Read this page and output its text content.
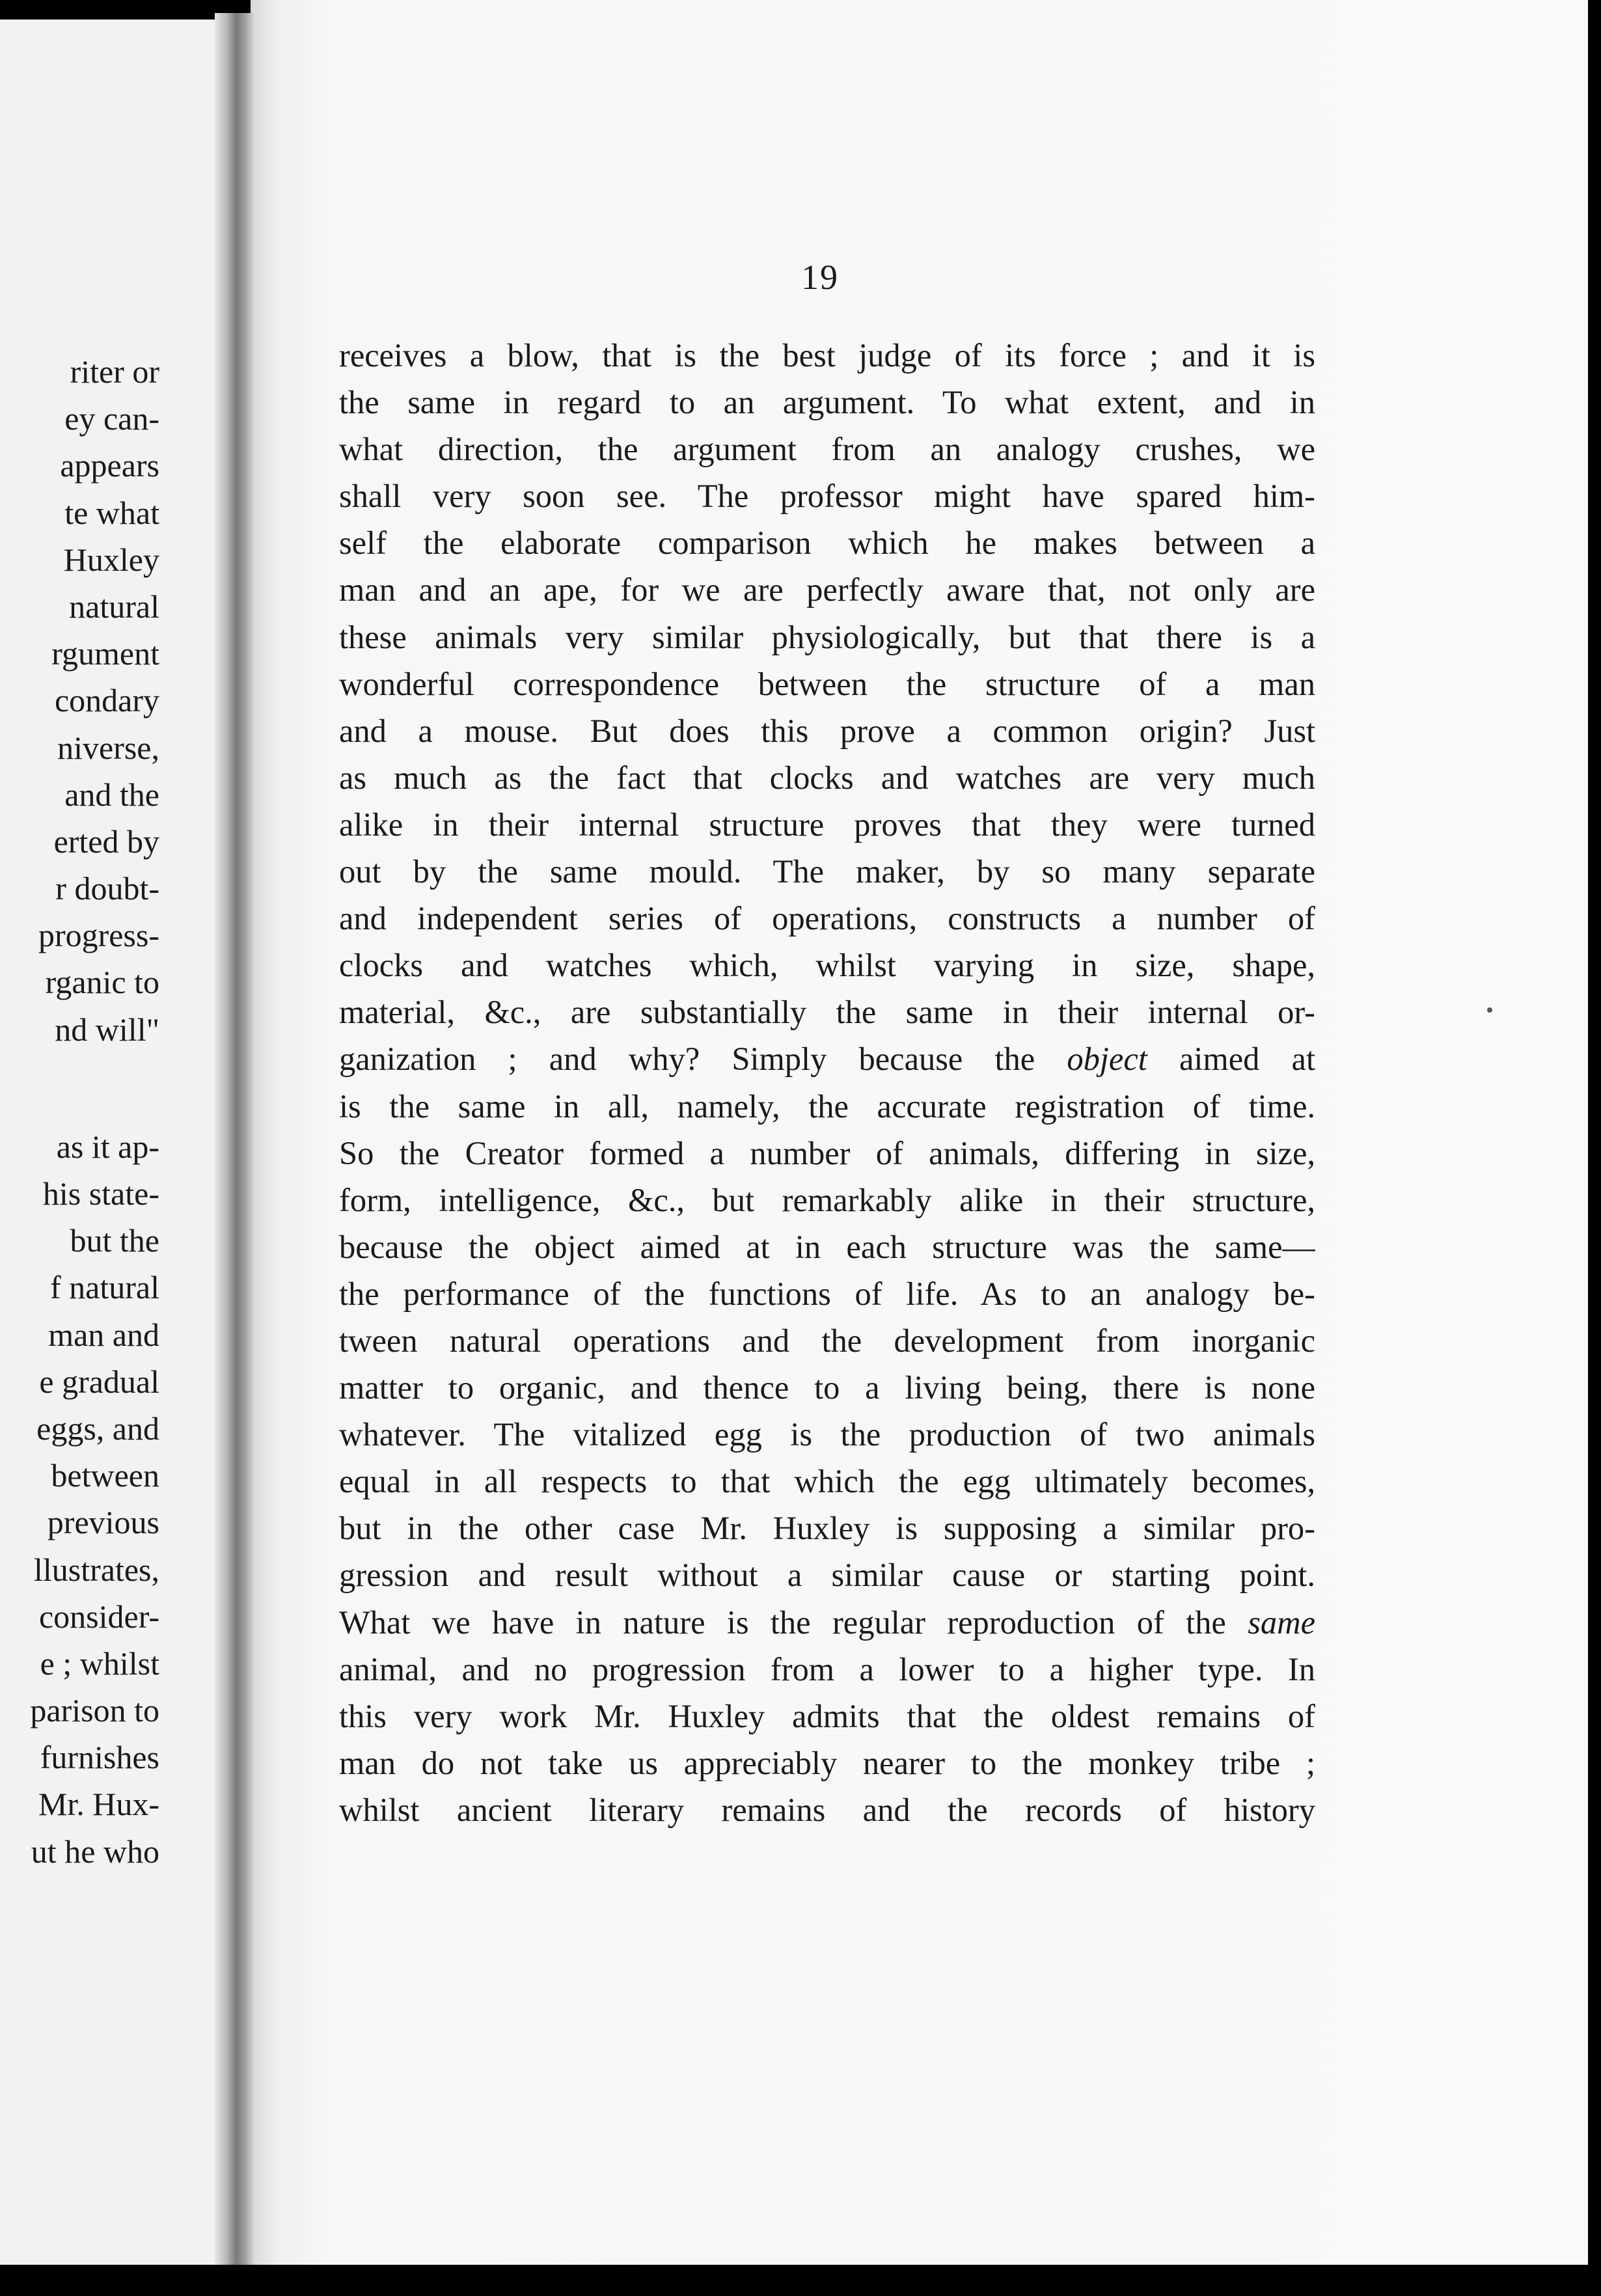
riter or
ey can-
appears
te what
Huxley
natural
rgument
condary
niverse,
and the
erted by
r doubt-
progress-
rganic to
nd will"
as it ap-
his state-
but the
f natural
man and
e gradual
eggs, and
between
previous
llustrates,
consider-
e ; whilst
parison to
furnishes
Mr. Hux-
ut he who
19
receives a blow, that is the best judge of its force ; and it is
the same in regard to an argument. To what extent, and in
what direction, the argument from an analogy crushes, we
shall very soon see. The professor might have spared him-
self the elaborate comparison which he makes between a
man and an ape, for we are perfectly aware that, not only are
these animals very similar physiologically, but that there is a
wonderful correspondence between the structure of a man
and a mouse. But does this prove a common origin? Just
as much as the fact that clocks and watches are very much
alike in their internal structure proves that they were turned
out by the same mould. The maker, by so many separate
and independent series of operations, constructs a number of
clocks and watches which, whilst varying in size, shape,
material, &c., are substantially the same in their internal or-
ganization ; and why? Simply because the object aimed at
is the same in all, namely, the accurate registration of time.
So the Creator formed a number of animals, differing in size,
form, intelligence, &c., but remarkably alike in their structure,
because the object aimed at in each structure was the same—
the performance of the functions of life. As to an analogy be-
tween natural operations and the development from inorganic
matter to organic, and thence to a living being, there is none
whatever. The vitalized egg is the production of two animals
equal in all respects to that which the egg ultimately becomes,
but in the other case Mr. Huxley is supposing a similar pro-
gression and result without a similar cause or starting point.
What we have in nature is the regular reproduction of the same
animal, and no progression from a lower to a higher type. In
this very work Mr. Huxley admits that the oldest remains of
man do not take us appreciably nearer to the monkey tribe ;
whilst ancient literary remains and the records of history
